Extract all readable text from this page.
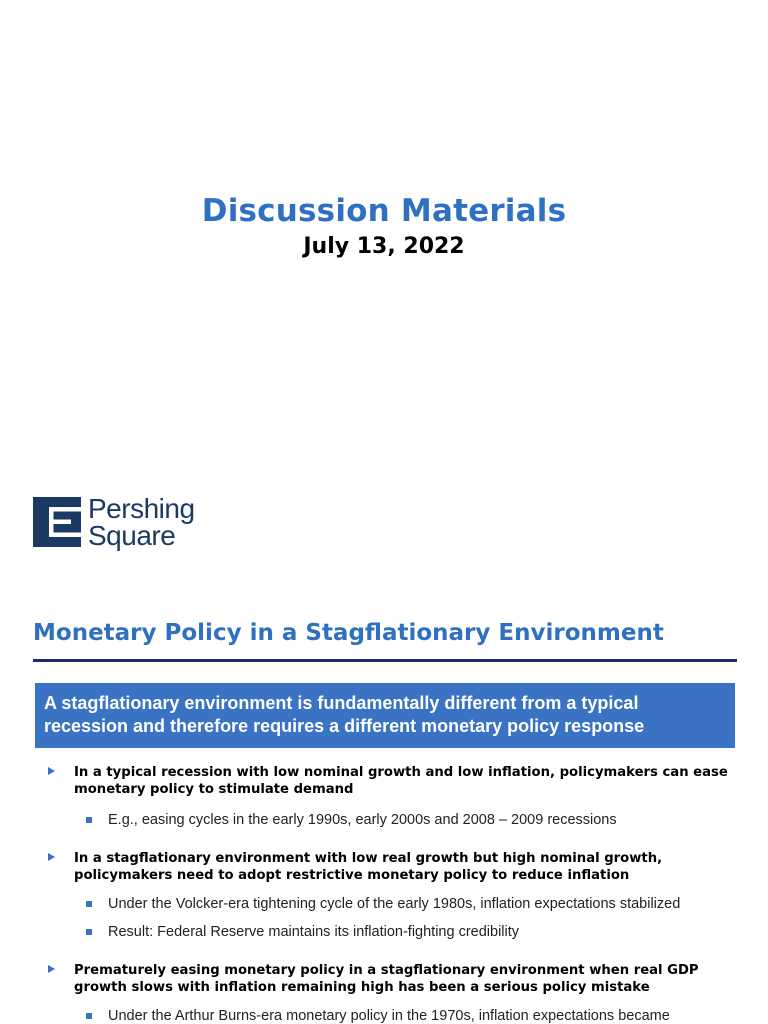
Discussion Materials
July 13, 2022
Pershing
Square
Monetary Policy in a Stagflationary Environment
A stagflationary environment is fundamentally different from a typical recession and therefore requires a different monetary policy response
In a typical recession with low nominal growth and low inflation, policymakers can ease monetary policy to stimulate demand
E.g., easing cycles in the early 1990s, early 2000s and 2008 – 2009 recessions
In a stagflationary environment with low real growth but high nominal growth, policymakers need to adopt restrictive monetary policy to reduce inflation
Under the Volcker-era tightening cycle of the early 1980s, inflation expectations stabilized
Result: Federal Reserve maintains its inflation-fighting credibility
Prematurely easing monetary policy in a stagflationary environment when real GDP growth slows with inflation remaining high has been a serious policy mistake
Under the Arthur Burns-era monetary policy in the 1970s, inflation expectations became
